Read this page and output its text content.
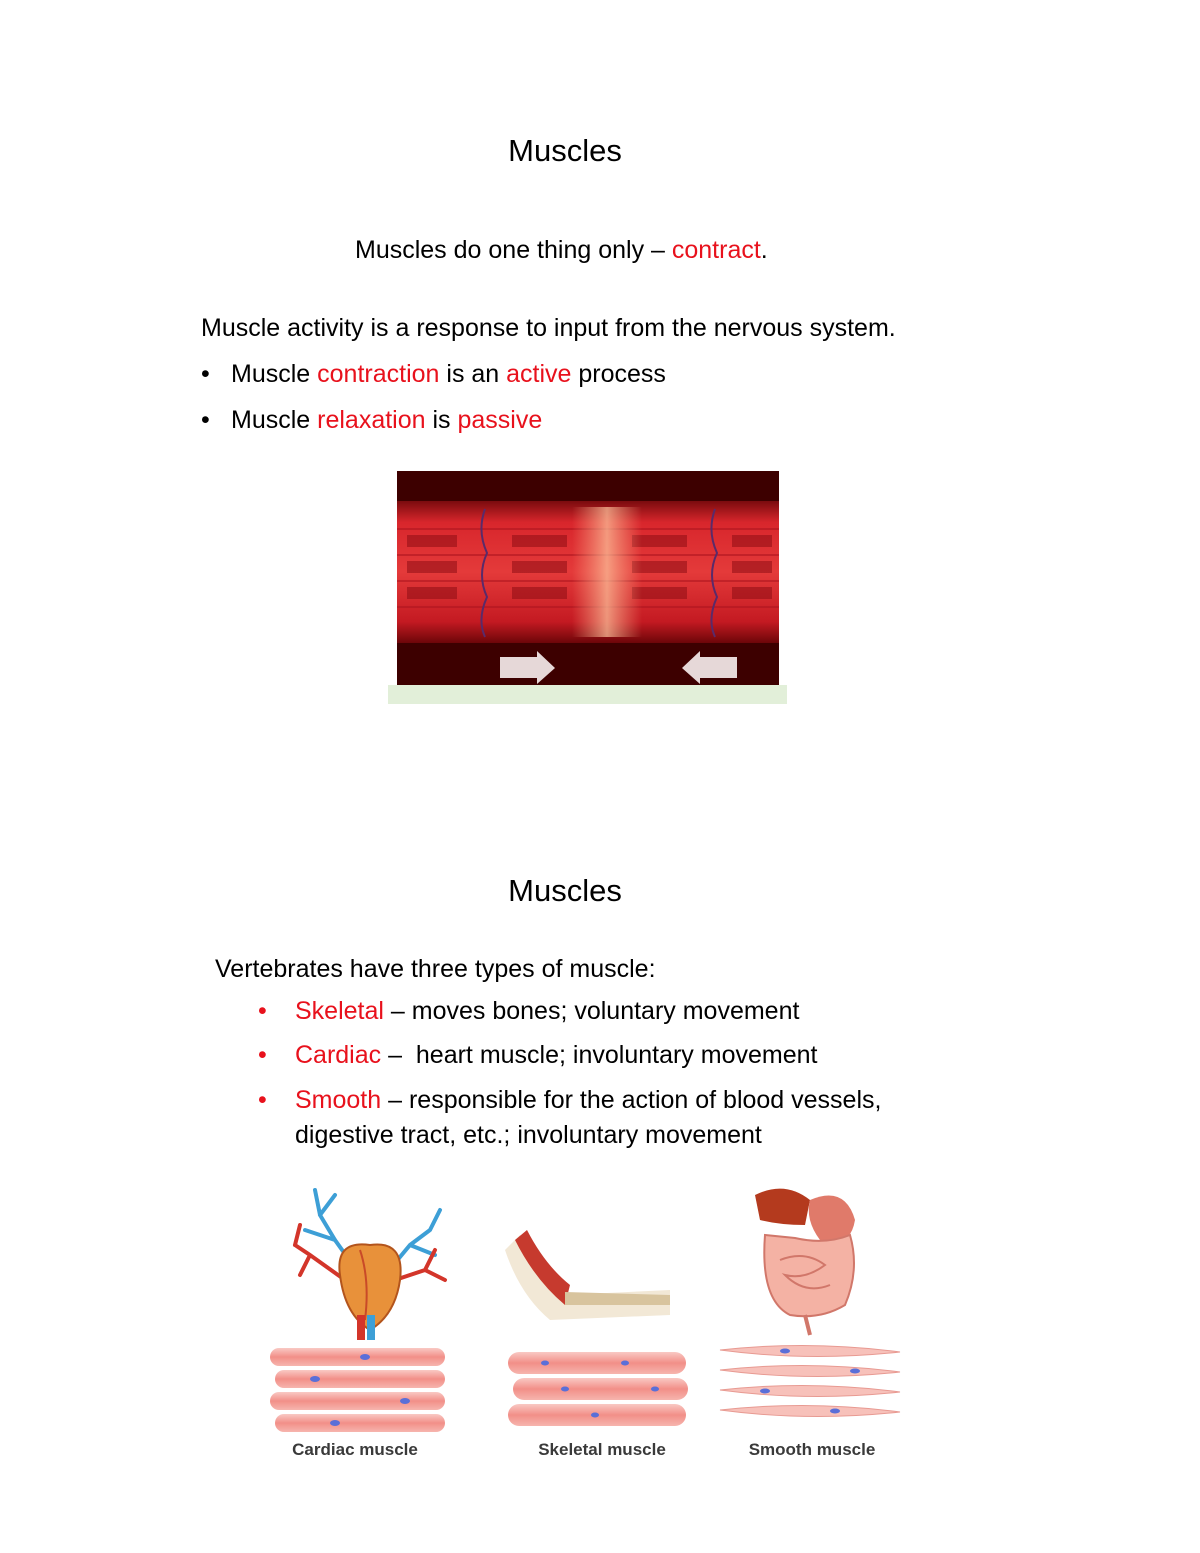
Muscles
Muscles do one thing only – contract.
Muscle activity is a response to input from the nervous system.
• Muscle contraction is an active process
• Muscle relaxation is passive
Muscles
Vertebrates have three types of muscle:
• Skeletal – moves bones; voluntary movement
• Cardiac –  heart muscle; involuntary movement
• Smooth – responsible for the action of blood vessels,
digestive tract, etc.; involuntary movement
Cardiac muscle	Skeletal muscle	Smooth muscle
